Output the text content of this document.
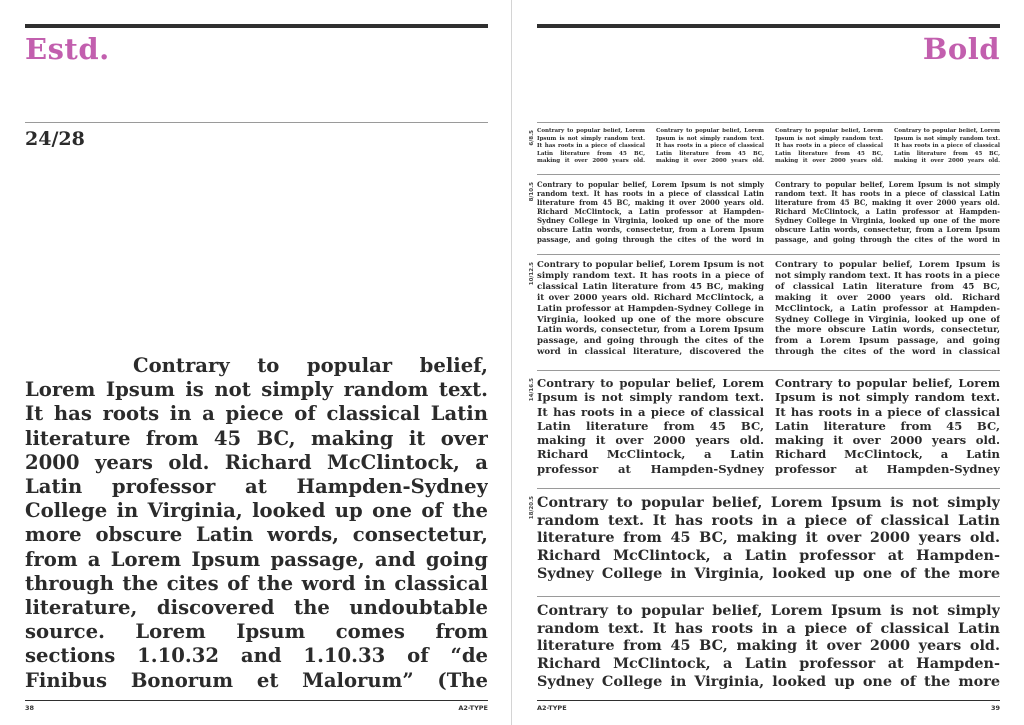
Estd.
24/28

Contrary to popular belief, Lorem Ipsum is not simply random text. It has roots in a piece of classical Latin literature from 45 BC, making it over 2000 years old. Richard McClintock, a Latin professor at Hampden-Sydney College in Virginia, looked up one of the more obscure Latin words, consectetur, from a Lorem Ipsum passage, and going through the cites of the word in classical literature, discovered the undoubtable source. Lorem Ipsum comes from sections 1.10.32 and 1.10.33 of “de Finibus Bonorum et Malorum” (The

38	A2-TYPE
Bold
6/8.5 Contrary to popular belief, Lorem Ipsum is not simply random text. It has roots in a piece of classical Latin literature from 45 BC, making it over 2000 years old.

Contrary to popular belief, Lorem Ipsum is not simply random text. It has roots in a piece of classical Latin literature from 45 BC, making it over 2000 years old.

Contrary to popular belief, Lorem Ipsum is not simply random text. It has roots in a piece of classical Latin literature from 45 BC, making it over 2000 years old.

Contrary to popular belief, Lorem Ipsum is not simply random text. It has roots in a piece of classical Latin literature from 45 BC, making it over 2000 years old.

8/10.5 Contrary to popular belief, Lorem Ipsum is not simply random text. It has roots in a piece of classical Latin literature from 45 BC, making it over 2000 years old. Richard McClintock, a Latin professor at Hampden-Sydney College in Virginia, looked up one of the more obscure Latin words, consectetur, from a Lorem Ipsum passage, and going through the cites of the word in

Contrary to popular belief, Lorem Ipsum is not simply random text. It has roots in a piece of classical Latin literature from 45 BC, making it over 2000 years old. Richard McClintock, a Latin professor at Hampden-Sydney College in Virginia, looked up one of the more obscure Latin words, consectetur, from a Lorem Ipsum passage, and going through the cites of the word in

10/12.5 Contrary to popular belief, Lorem Ipsum is not simply random text. It has roots in a piece of classical Latin literature from 45 BC, making it over 2000 years old. Richard McClintock, a Latin professor at Hampden-Sydney College in Virginia, looked up one of the more obscure Latin words, consectetur, from a Lorem Ipsum passage, and going through the cites of the word in classical literature, discovered the

Contrary to popular belief, Lorem Ipsum is not simply random text. It has roots in a piece of classical Latin literature from 45 BC, making it over 2000 years old. Richard McClintock, a Latin professor at Hampden-Sydney College in Virginia, looked up one of the more obscure Latin words, consectetur, from a Lorem Ipsum passage, and going through the cites of the word in classical

14/16.5 Contrary to popular belief, Lorem Ipsum is not simply random text. It has roots in a piece of classical Latin literature from 45 BC, making it over 2000 years old. Richard McClintock, a Latin professor at Hampden-Sydney

Contrary to popular belief, Lorem Ipsum is not simply random text. It has roots in a piece of classical Latin literature from 45 BC, making it over 2000 years old. Richard McClintock, a Latin professor at Hampden-Sydney

18/20.5 Contrary to popular belief, Lorem Ipsum is not simply random text. It has roots in a piece of classical Latin literature from 45 BC, making it over 2000 years old. Richard McClintock, a Latin professor at Hampden-Sydney College in Virginia, looked up one of the more

Contrary to popular belief, Lorem Ipsum is not simply random text. It has roots in a piece of classical Latin literature from 45 BC, making it over 2000 years old. Richard McClintock, a Latin professor at Hampden-Sydney College in Virginia, looked up one of the more

A2-TYPE	39
